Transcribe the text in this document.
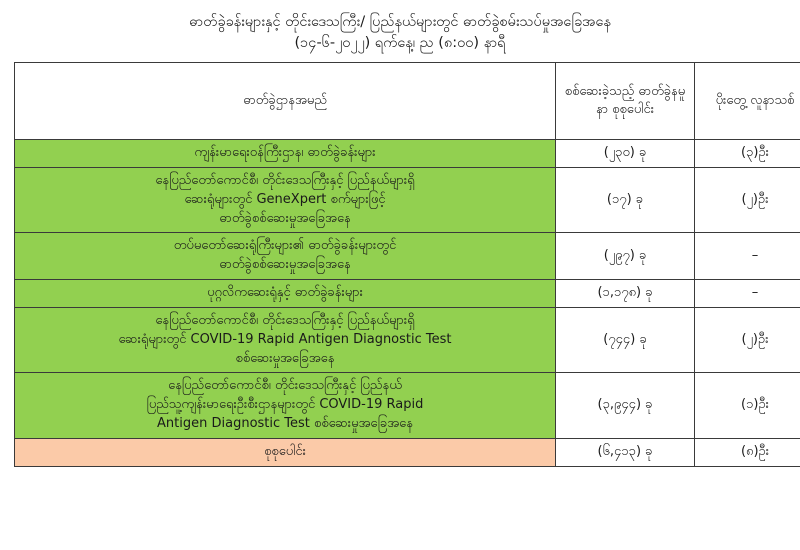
ဓာတ်ခွဲခန်းများနှင့် တိုင်းဒေသကြီး/ ပြည်နယ်များတွင် ဓာတ်ခွဲစမ်းသပ်မှုအခြေအနေ
(၁၄-၆-၂၀၂၂) ရက်နေ့၊ ည (၈:၀၀) နာရီ
ဓာတ်ခွဲဌာနအမည်	စစ်ဆေးခဲ့သည့် ဓာတ်ခွဲနမူနာ စုစုပေါင်း	ပိုးတွေ့ လူနာသစ်

ကျန်းမာရေးဝန်ကြီးဌာန၊ ဓာတ်ခွဲခန်းများ	(၂၃၀) ခု	(၃)ဦး

နေပြည်တော်ကောင်စီ၊ တိုင်းဒေသကြီးနှင့် ပြည်နယ်များရှိ
ဆေးရုံများတွင် GeneXpert စက်များဖြင့်
ဓာတ်ခွဲစစ်ဆေးမှုအခြေအနေ	(၁၇) ခု	(၂)ဦး

တပ်မတော်ဆေးရုံကြီးများ၏ ဓာတ်ခွဲခန်းများတွင်
ဓာတ်ခွဲစစ်ဆေးမှုအခြေအနေ	(၂၉၇) ခု	–

ပုဂ္ဂလိကဆေးရုံနှင့် ဓာတ်ခွဲခန်းများ	(၁,၁၇၈) ခု	–

နေပြည်တော်ကောင်စီ၊ တိုင်းဒေသကြီးနှင့် ပြည်နယ်များရှိ
ဆေးရုံများတွင် COVID-19 Rapid Antigen Diagnostic Test
စစ်ဆေးမှုအခြေအနေ	(၇၄၄) ခု	(၂)ဦး

နေပြည်တော်ကောင်စီ၊ တိုင်းဒေသကြီးနှင့် ပြည်နယ်
ပြည်သူ့ကျန်းမာရေးဦးစီးဌာနများတွင် COVID-19 Rapid
Antigen Diagnostic Test စစ်ဆေးမှုအခြေအနေ	(၃,၉၄၄) ခု	(၁)ဦး
စုစုပေါင်း	(၆,၄၁၃) ခု	(၈)ဦး
